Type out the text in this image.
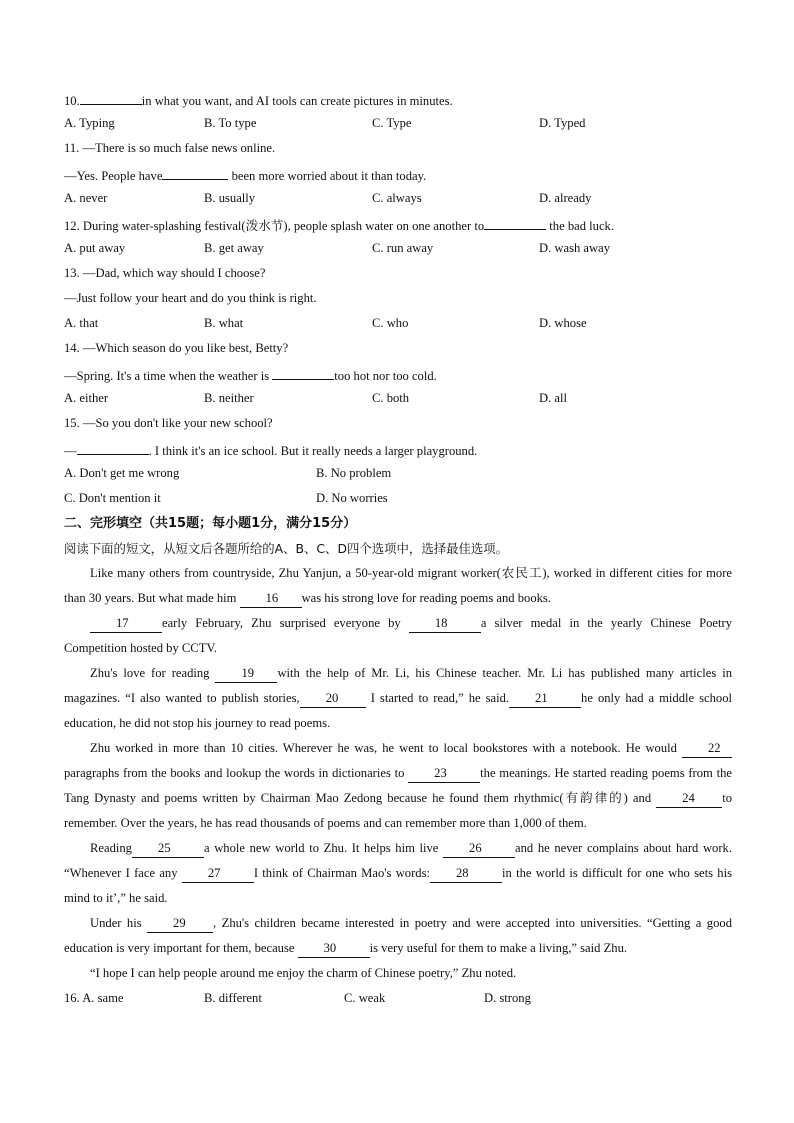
10.	in what you want, and AI tools can create pictures in minutes.
A. Typing	B. To type	C. Type	D. Typed
11. —There is so much false news online.
—Yes. People have	been more worried about it than today.
A. never	B. usually	C. always	D. already
12. During water-splashing festival(泼水节), people splash water on one another to	the bad luck.
A. put away	B. get away	C. run away	D. wash away
13. —Dad, which way should I choose?
—Just follow your heart and do you think is right.
A. that	B. what	C. who	D. whose
14. —Which season do you like best, Betty?
—Spring. It's a time when the weather is	too hot nor too cold.
A. either	B. neither	C. both	D. all
15. —So you don't like your new school?
—	. I think it's an ice school. But it really needs a larger playground.
A. Don't get me wrong	B. No problem
C. Don't mention it	D. No worries
二、完形填空（共15题；每小题1分，满分15分）
阅读下面的短文，从短文后各题所给的A、B、C、D四个选项中，选择最佳选项。

Like many others from countryside, Zhu Yanjun, a 50-year-old migrant worker(农民工), worked in different cities for more than 30 years. But what made him 16 was his strong love for reading poems and books.

17	early February, Zhu surprised everyone by 18	a silver medal in the yearly Chinese Poetry Competition hosted by CCTV.

Zhu's love for reading 19 with the help of Mr. Li, his Chinese teacher. Mr. Li has published many articles in magazines. “I also wanted to publish stories, 20 I started to read,” he said. 21	he only had a middle school education, he did not stop his journey to read poems.

Zhu worked in more than 10 cities. Wherever he was, he went to local bookstores with a notebook. He would 22paragraphs from the books and lookup the words in dictionaries to 23	the meanings. He started reading poems from the Tang Dynasty and poems written by Chairman Mao Zedong because he found them rhythmic(有韵律的) and 24 to remember. Over the years, he has read thousands of poems and can remember more than 1,000 of them.

Reading 25	a whole new world to Zhu. It helps him live 26	and he never complains about hard work. “Whenever I face any 27	I think of Chairman Mao's words: 28	in the world is difficult for one who sets his mind to it’,” he said.

Under his 29 , Zhu's children became interested in poetry and were accepted into universities. “Getting a good education is very important for them, because 30	is very useful for them to make a living,” said Zhu.

“I hope I can help people around me enjoy the charm of Chinese poetry,” Zhu noted.

16. A. same	B. different	C. weak	D. strong
